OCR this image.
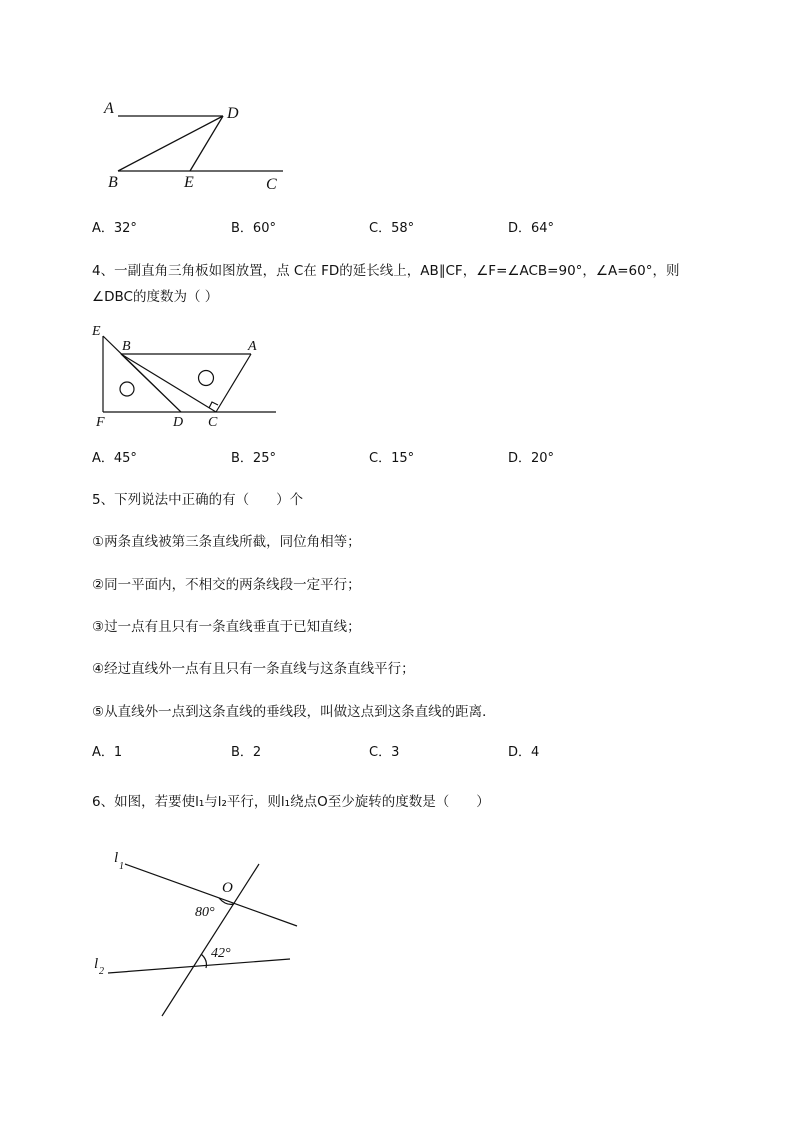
A	D
B	E	C
A．32°	B．60°	C．58°	D．64°
4、一副直角三角板如图放置，点 C在 FD的延长线上，AB∥CF，∠F=∠ACB=90°，∠A=60°，则
∠DBC的度数为（ ）
E
B	A
F	D C
A．45°	B．25°	C．15°	D．20°
5、下列说法中正确的有（　　）个
①两条直线被第三条直线所截，同位角相等；
②同一平面内，不相交的两条线段一定平行；
③过一点有且只有一条直线垂直于已知直线；
④经过直线外一点有且只有一条直线与这条直线平行；
⑤从直线外一点到这条直线的垂线段，叫做这点到这条直线的距离．
A．1	B．2	C．3	D．4
6、如图，若要使l₁与l₂平行，则l₁绕点O至少旋转的度数是（　　）
l
1
O
80°
42°
l 2
